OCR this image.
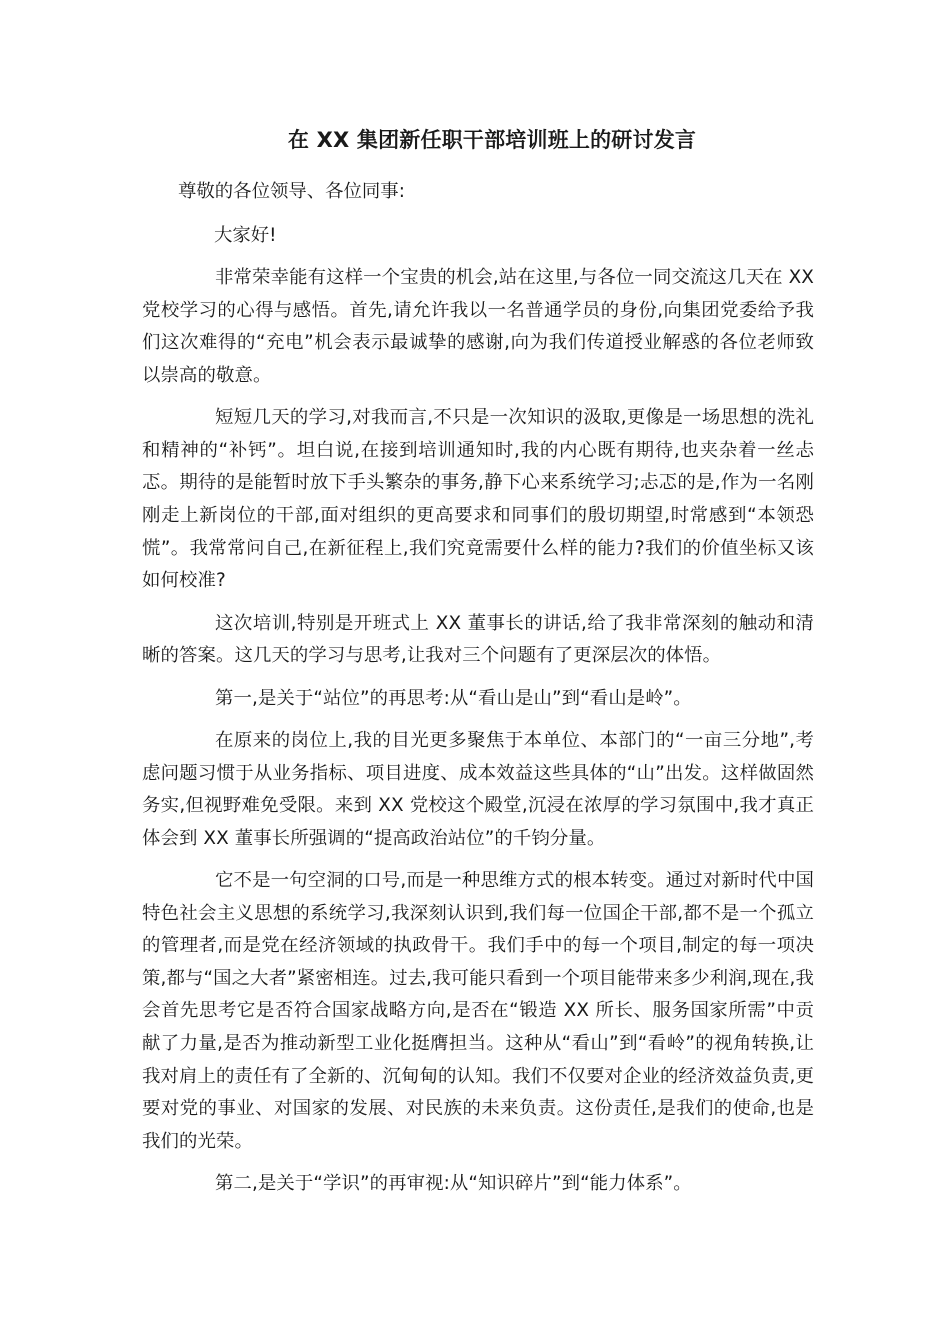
在 XX 集团新任职干部培训班上的研讨发言
尊敬的各位领导、各位同事:
大家好!

非常荣幸能有这样一个宝贵的机会,站在这里,与各位一同交流这几天在 XX 党校学习的心得与感悟。首先,请允许我以一名普通学员的身份,向集团党委给予我们这次难得的“充电”机会表示最诚挚的感谢,向为我们传道授业解惑的各位老师致以崇高的敬意。

短短几天的学习,对我而言,不只是一次知识的汲取,更像是一场思想的洗礼和精神的“补钙”。坦白说,在接到培训通知时,我的内心既有期待,也夹杂着一丝忐忑。期待的是能暂时放下手头繁杂的事务,静下心来系统学习;忐忑的是,作为一名刚刚走上新岗位的干部,面对组织的更高要求和同事们的殷切期望,时常感到“本领恐慌”。我常常问自己,在新征程上,我们究竟需要什么样的能力?我们的价值坐标又该如何校准?

这次培训,特别是开班式上 XX 董事长的讲话,给了我非常深刻的触动和清晰的答案。这几天的学习与思考,让我对三个问题有了更深层次的体悟。

第一,是关于“站位”的再思考:从“看山是山”到“看山是岭”。

在原来的岗位上,我的目光更多聚焦于本单位、本部门的“一亩三分地”,考虑问题习惯于从业务指标、项目进度、成本效益这些具体的“山”出发。这样做固然务实,但视野难免受限。来到 XX 党校这个殿堂,沉浸在浓厚的学习氛围中,我才真正体会到 XX 董事长所强调的“提高政治站位”的千钧分量。

它不是一句空洞的口号,而是一种思维方式的根本转变。通过对新时代中国特色社会主义思想的系统学习,我深刻认识到,我们每一位国企干部,都不是一个孤立的管理者,而是党在经济领域的执政骨干。我们手中的每一个项目,制定的每一项决策,都与“国之大者”紧密相连。过去,我可能只看到一个项目能带来多少利润,现在,我会首先思考它是否符合国家战略方向,是否在“锻造 XX 所长、服务国家所需”中贡献了力量,是否为推动新型工业化挺膺担当。这种从“看山”到“看岭”的视角转换,让我对肩上的责任有了全新的、沉甸甸的认知。我们不仅要对企业的经济效益负责,更要对党的事业、对国家的发展、对民族的未来负责。这份责任,是我们的使命,也是我们的光荣。

第二,是关于“学识”的再审视:从“知识碎片”到“能力体系”。
